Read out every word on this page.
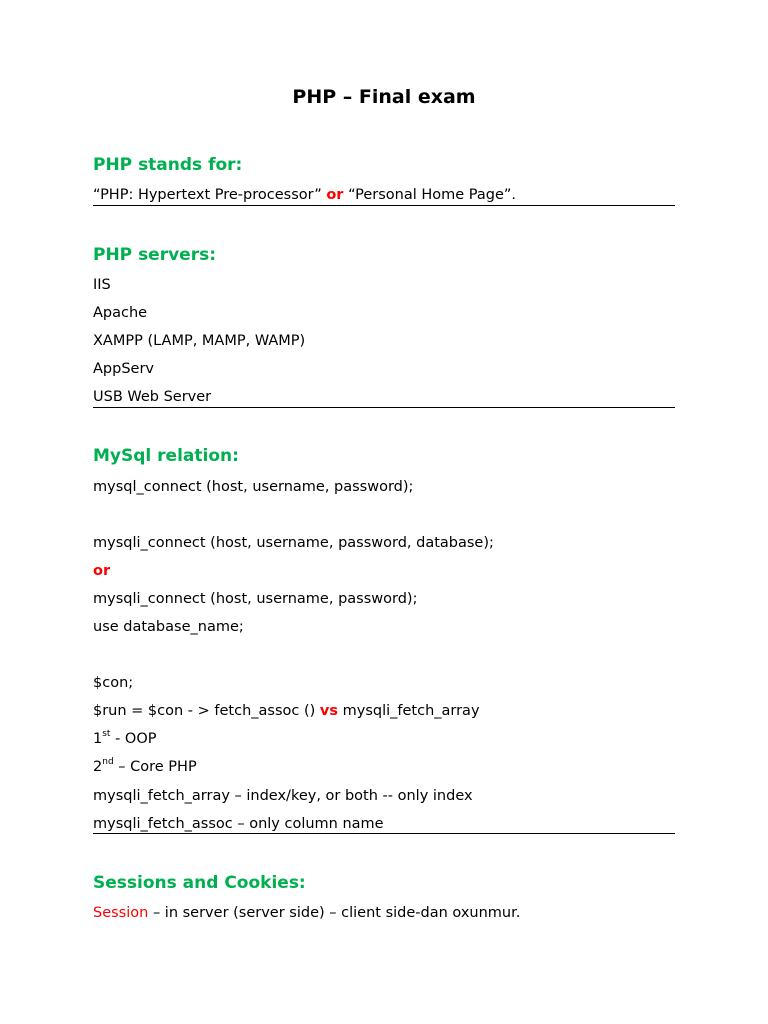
PHP – Final exam
PHP stands for:
“PHP: Hypertext Pre-processor” or “Personal Home Page”.
PHP servers:
IIS
Apache
XAMPP (LAMP, MAMP, WAMP)
AppServ
USB Web Server
MySql relation:
mysql_connect (host, username, password);
mysqli_connect (host, username, password, database);
or
mysqli_connect (host, username, password);
use database_name;
$con;
$run = $con - > fetch_assoc () vs mysqli_fetch_array
1st - OOP
2nd – Core PHP
mysqli_fetch_array – index/key, or both -- only index
mysqli_fetch_assoc – only column name
Sessions and Cookies:
Session – in server (server side) – client side-dan oxunmur.
